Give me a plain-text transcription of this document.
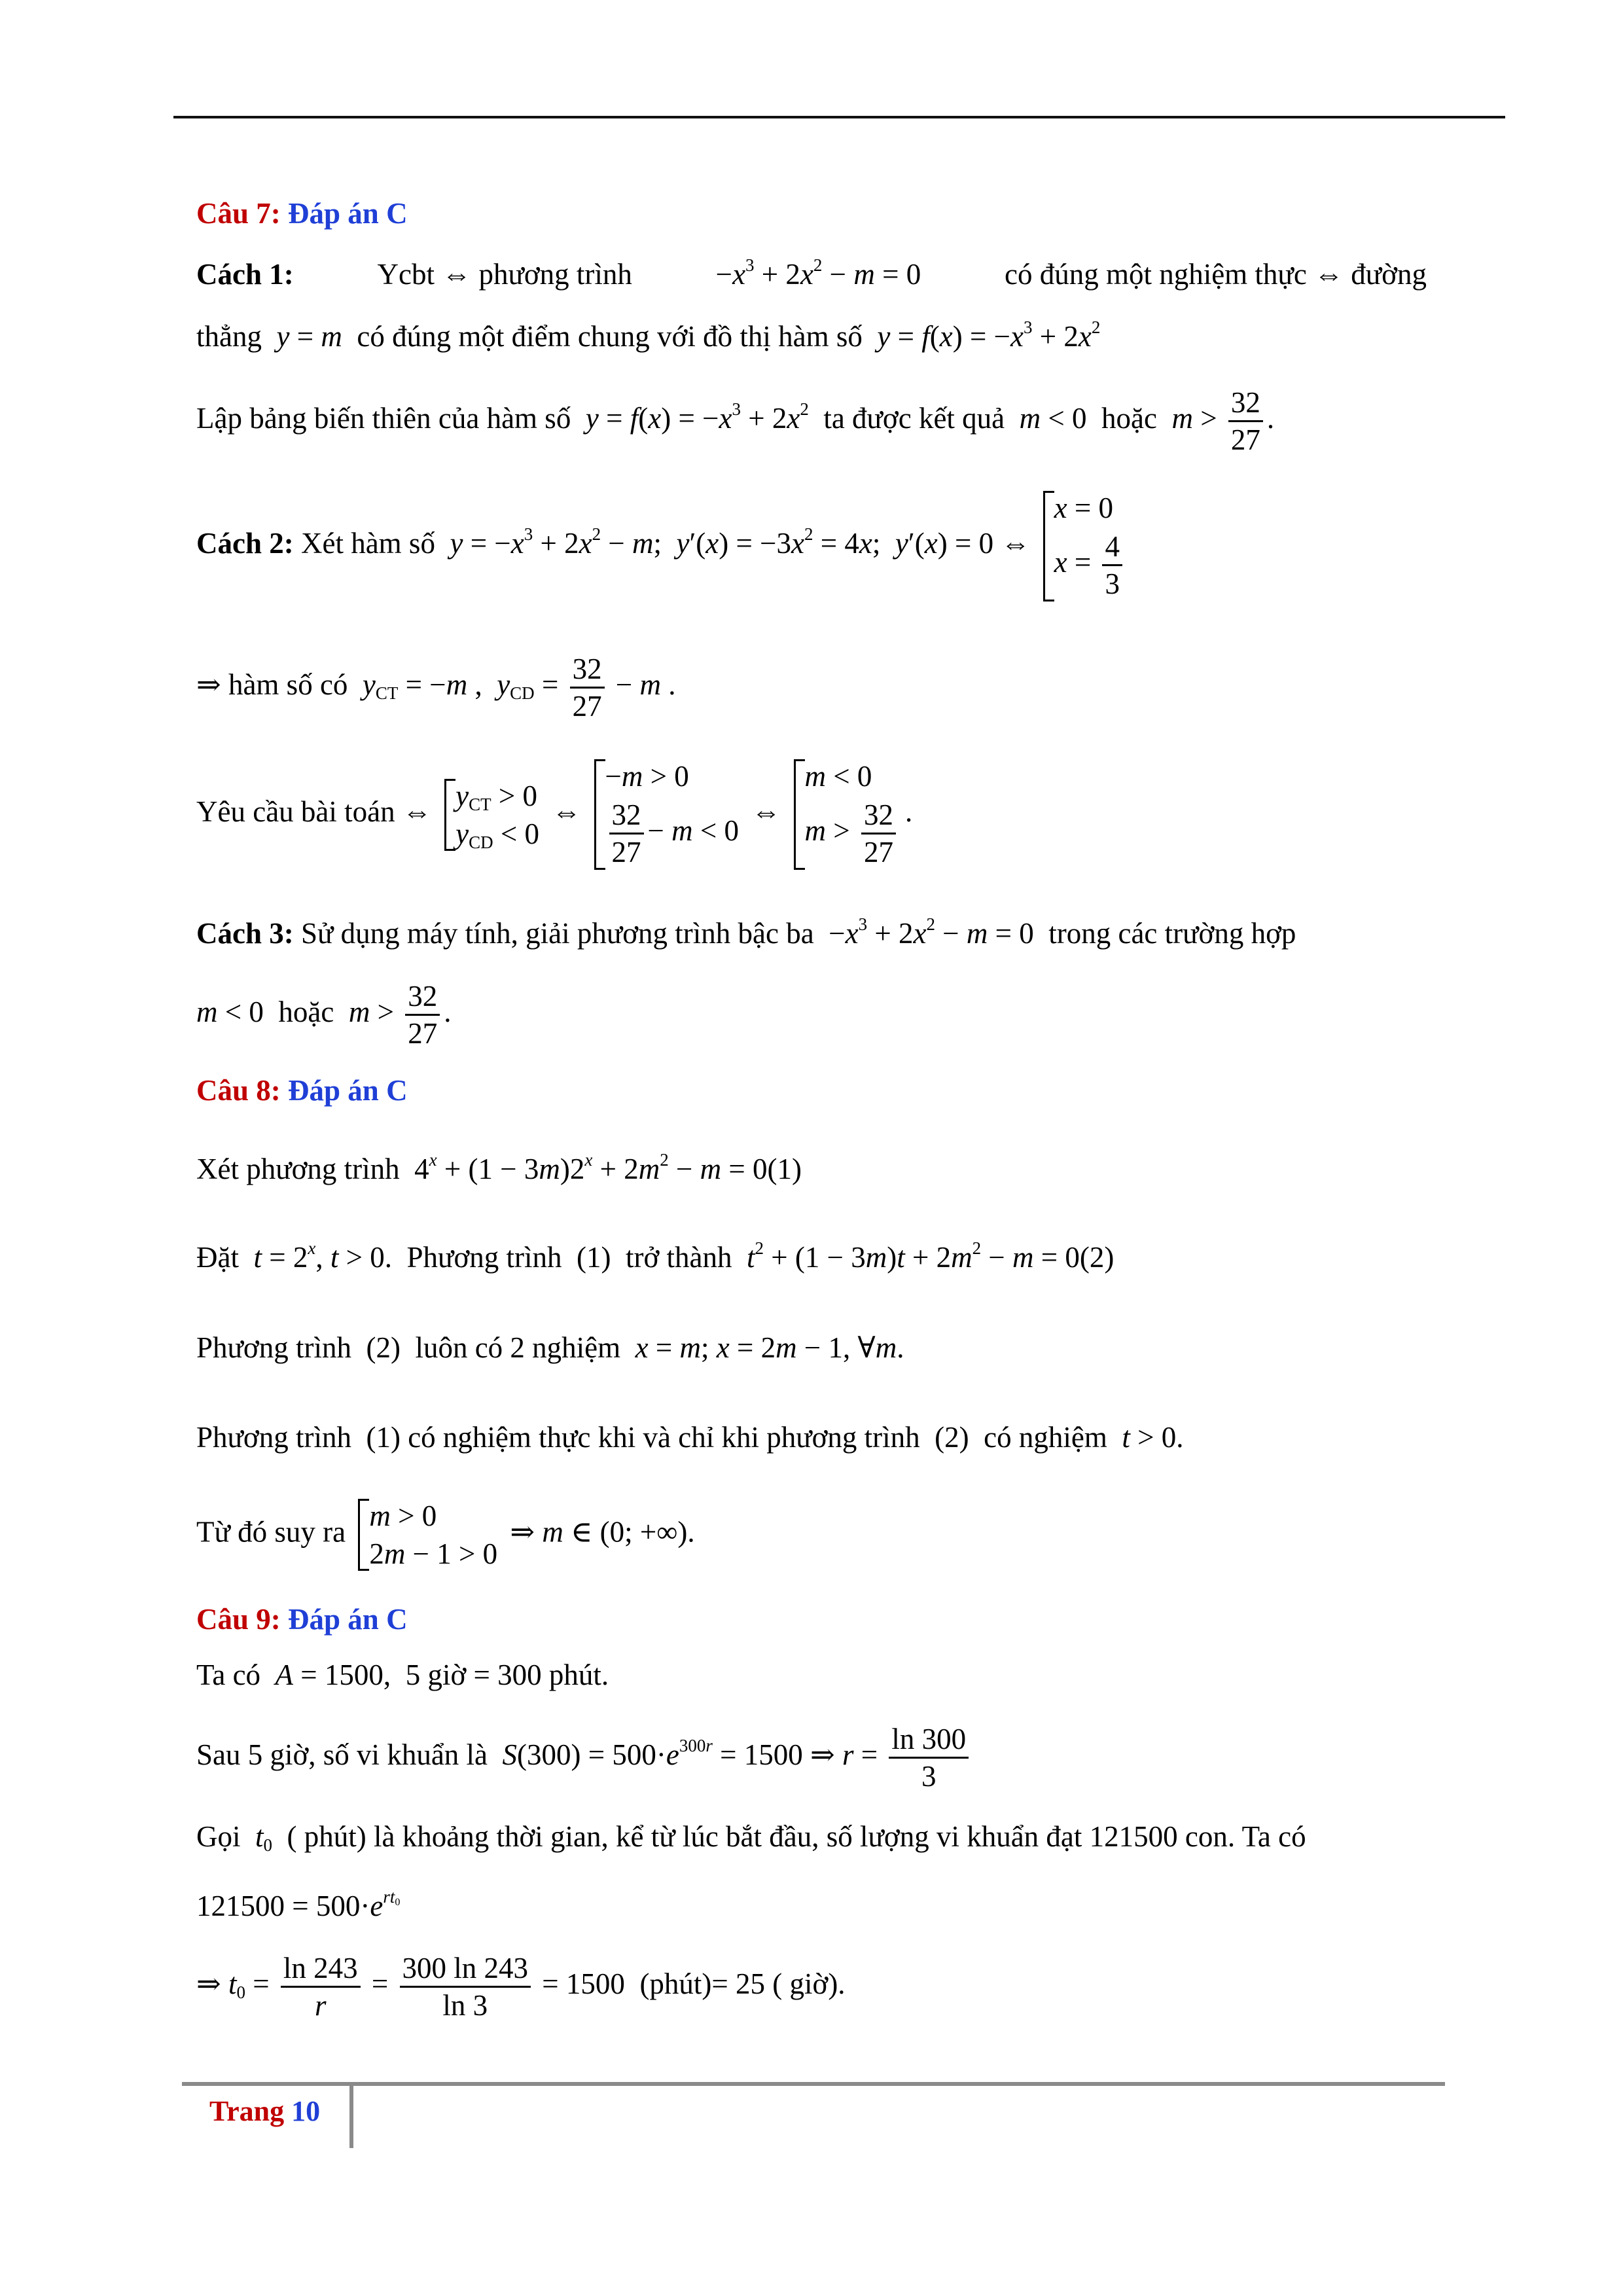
Câu 7: Đáp án C
Cách 1:	Ycbt ⇔ phương trình	$-x^3 + 2x^2 - m = 0$	có đúng một nghiệm thực ⇔ đường
thẳng y = m có đúng một điểm chung với đồ thị hàm số $y = f(x) = -x^3 + 2x^2$
Lập bảng biến thiên của hàm số $y = f(x) = -x^3 + 2x^2$ ta được kết quả m < 0  hoặc $m > \frac{32}{27}$ .
Cách 2: Xét hàm số $y = -x^3 + 2x^2 - m$;  $y'(x) = -3x^2 = 4x$;  y′(x) = 0 ⇔
x = 0
$x = \frac{4}{3}$
⇒ hàm số có $y_{CT} = -m$ ,  $y_{CD} = \frac{32}{27} - m$ .
Yêu cầu bài toán ⇔ $y_{CT} > 0$
$y_{CD} < 0$
⇔
−m > 0
$\frac{32}{27} - m < 0$
⇔
m < 0
$m > \frac{32}{27}$ .
Cách 3: Sử dụng máy tính, giải phương trình bậc ba  $-x^3 + 2x^2 - m = 0$  trong các trường hợp
m < 0  hoặc $m > \frac{32}{27}$ .
Câu 8: Đáp án C
Xét phương trình  $4^x + (1 - 3m)2^x + 2m^2 - m = 0(1)$
Đặt $t = 2^x$, t > 0.  Phương trình  (1)  trở thành $t^2 + (1 - 3m)t + 2m^2 - m = 0(2)$
Phương trình  (2)  luôn có 2 nghiệm x = m; x = 2m − 1, ∀m.
Phương trình  (1) có nghiệm thực khi và chỉ khi phương trình  (2)  có nghiệm t > 0.
Từ đó suy ra m > 0
2m − 1 > 0
⇒ m ∈ (0; +∞).
Câu 9: Đáp án C
Ta có A = 1500,  5 giờ = 300 phút.
Sau 5 giờ, số vi khuẩn là $S(300) = 500\cdot e^{300r} = 1500$ ⇒ $r = \frac{\ln 300}{3}$
Gọi $t_0$ ( phút) là khoảng thời gian, kể từ lúc bắt đầu, số lượng vi khuẩn đạt 121500 con. Ta có
$121500 = 500\cdot e^{rt_0}$
⇒ $t_0 = \frac{\ln 243}{r} = \frac{300 \ln 243}{\ln 3} = 1500$  (phút)= 25 ( giờ).
Trang 10
